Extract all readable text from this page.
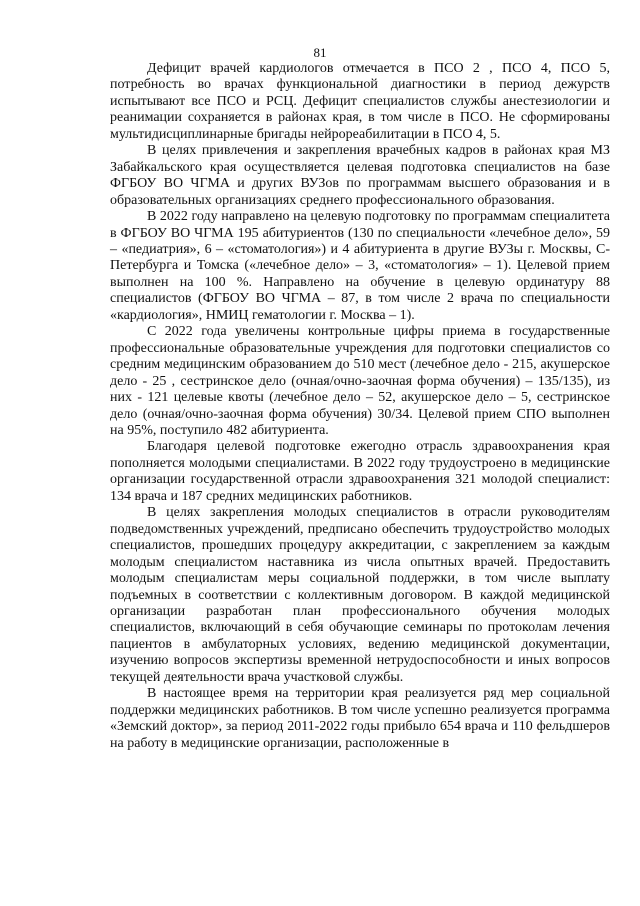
81

Дефицит врачей кардиологов отмечается в ПСО 2 , ПСО 4, ПСО 5, потребность во врачах функциональной диагностики в период дежурств испытывают все ПСО и РСЦ. Дефицит специалистов службы анестезиологии и реанимации сохраняется в районах края, в том числе в ПСО. Не сформированы мультидисциплинарные бригады нейрореабилитации в ПСО 4, 5.

В целях привлечения и закрепления врачебных кадров в районах края МЗ Забайкальского края осуществляется целевая подготовка специалистов на базе ФГБОУ ВО ЧГМА и других ВУЗов по программам высшего образования и в образовательных организациях среднего профессионального образования.

В 2022 году направлено на целевую подготовку по программам специалитета в ФГБОУ ВО ЧГМА 195 абитуриентов (130 по специальности «лечебное дело», 59 – «педиатрия», 6 – «стоматология») и 4 абитуриента в другие ВУЗы г. Москвы, С-Петербурга и Томска («лечебное дело» – 3, «стоматология» – 1). Целевой прием выполнен на 100 %. Направлено на обучение в целевую ординатуру 88 специалистов (ФГБОУ ВО ЧГМА – 87, в том числе 2 врача по специальности «кардиология», НМИЦ гематологии г. Москва – 1).

С 2022 года увеличены контрольные цифры приема в государственные профессиональные образовательные учреждения для подготовки специалистов со средним медицинским образованием до 510 мест (лечебное дело - 215, акушерское дело - 25 , сестринское дело (очная/очно-заочная форма обучения) – 135/135), из них - 121 целевые квоты (лечебное дело – 52, акушерское дело – 5, сестринское дело (очная/очно-заочная форма обучения) 30/34. Целевой прием СПО выполнен на 95%, поступило 482 абитуриента.

Благодаря целевой подготовке ежегодно отрасль здравоохранения края пополняется молодыми специалистами. В 2022 году трудоустроено в медицинские организации государственной отрасли здравоохранения 321 молодой специалист: 134 врача и 187 средних медицинских работников.

В целях закрепления молодых специалистов в отрасли руководителям подведомственных учреждений, предписано обеспечить трудоустройство молодых специалистов, прошедших процедуру аккредитации, с закреплением за каждым молодым специалистом наставника из числа опытных врачей. Предоставить молодым специалистам меры социальной поддержки, в том числе выплату подъемных в соответствии с коллективным договором. В каждой медицинской организации разработан план профессионального обучения молодых специалистов, включающий в себя обучающие семинары по протоколам лечения пациентов в амбулаторных условиях, ведению медицинской документации, изучению вопросов экспертизы временной нетрудоспособности и иных вопросов текущей деятельности врача участковой службы.

В настоящее время на территории края реализуется ряд мер социальной поддержки медицинских работников. В том числе успешно реализуется программа «Земский доктор», за период 2011-2022 годы прибыло 654 врача и 110 фельдшеров на работу в медицинские организации, расположенные в
